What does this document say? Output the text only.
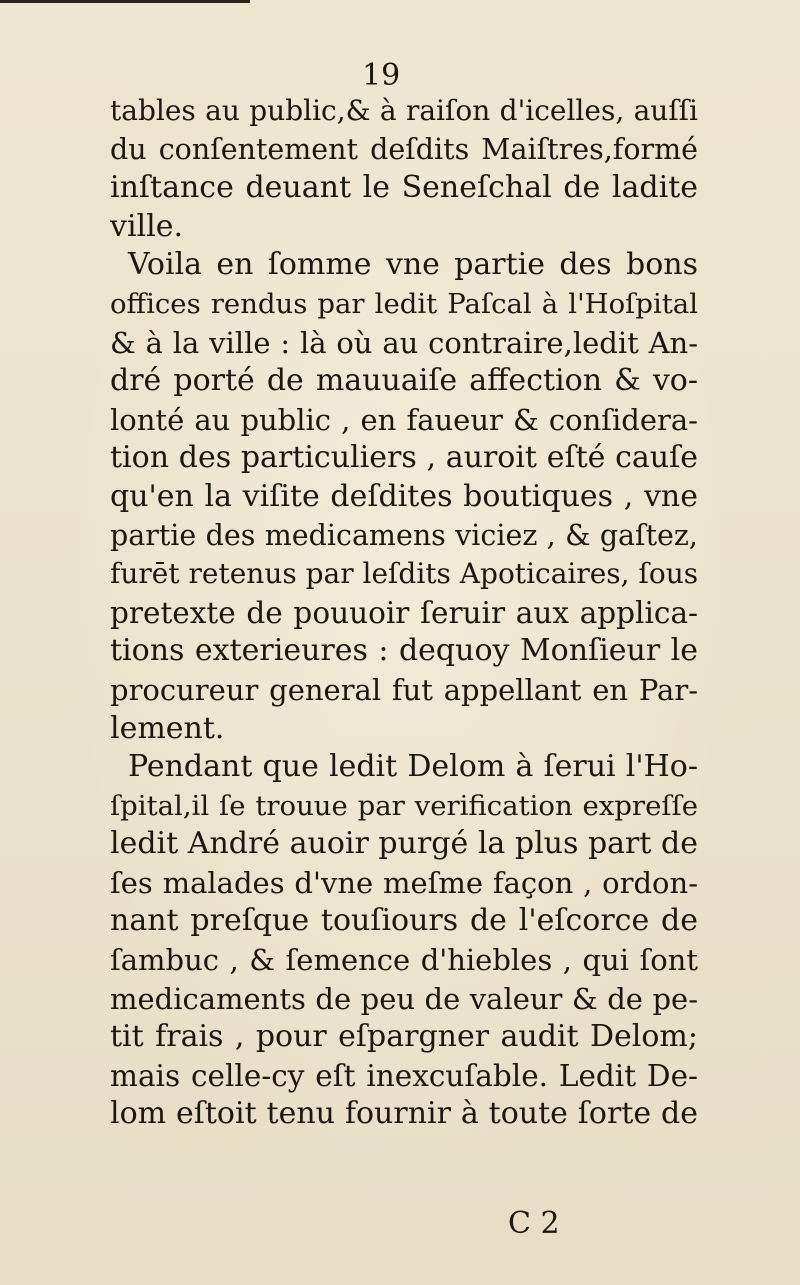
19
tables au public,& à raiſon d'icelles, auſſi
du conſentement deſdits Maiſtres,formé
inſtance deuant le Seneſchal de ladite
ville.
Voila en ſomme vne partie des bons
offices rendus par ledit Paſcal à l'Hoſpital
& à la ville : là où au contraire,ledit An-
dré porté de mauuaiſe affection & vo-
lonté au public , en faueur & conſidera-
tion des particuliers , auroit eſté cauſe
qu'en la viſite deſdites boutiques , vne
partie des medicamens viciez , & gaſtez,
furēt retenus par leſdits Apoticaires, ſous
pretexte de pouuoir ſeruir aux applica-
tions exterieures : dequoy Monſieur le
procureur general fut appellant en Par-
lement.
Pendant que ledit Delom à ſerui l'Ho-
ſpital,il ſe trouue par verification expreſſe
ledit André auoir purgé la plus part de
ſes malades d'vne meſme façon , ordon-
nant preſque touſiours de l'eſcorce de
ſambuc , & ſemence d'hiebles , qui ſont
medicaments de peu de valeur & de pe-
tit frais , pour eſpargner audit Delom;
mais celle-cy eſt inexcuſable. Ledit De-
lom eſtoit tenu fournir à toute ſorte de
C 2
